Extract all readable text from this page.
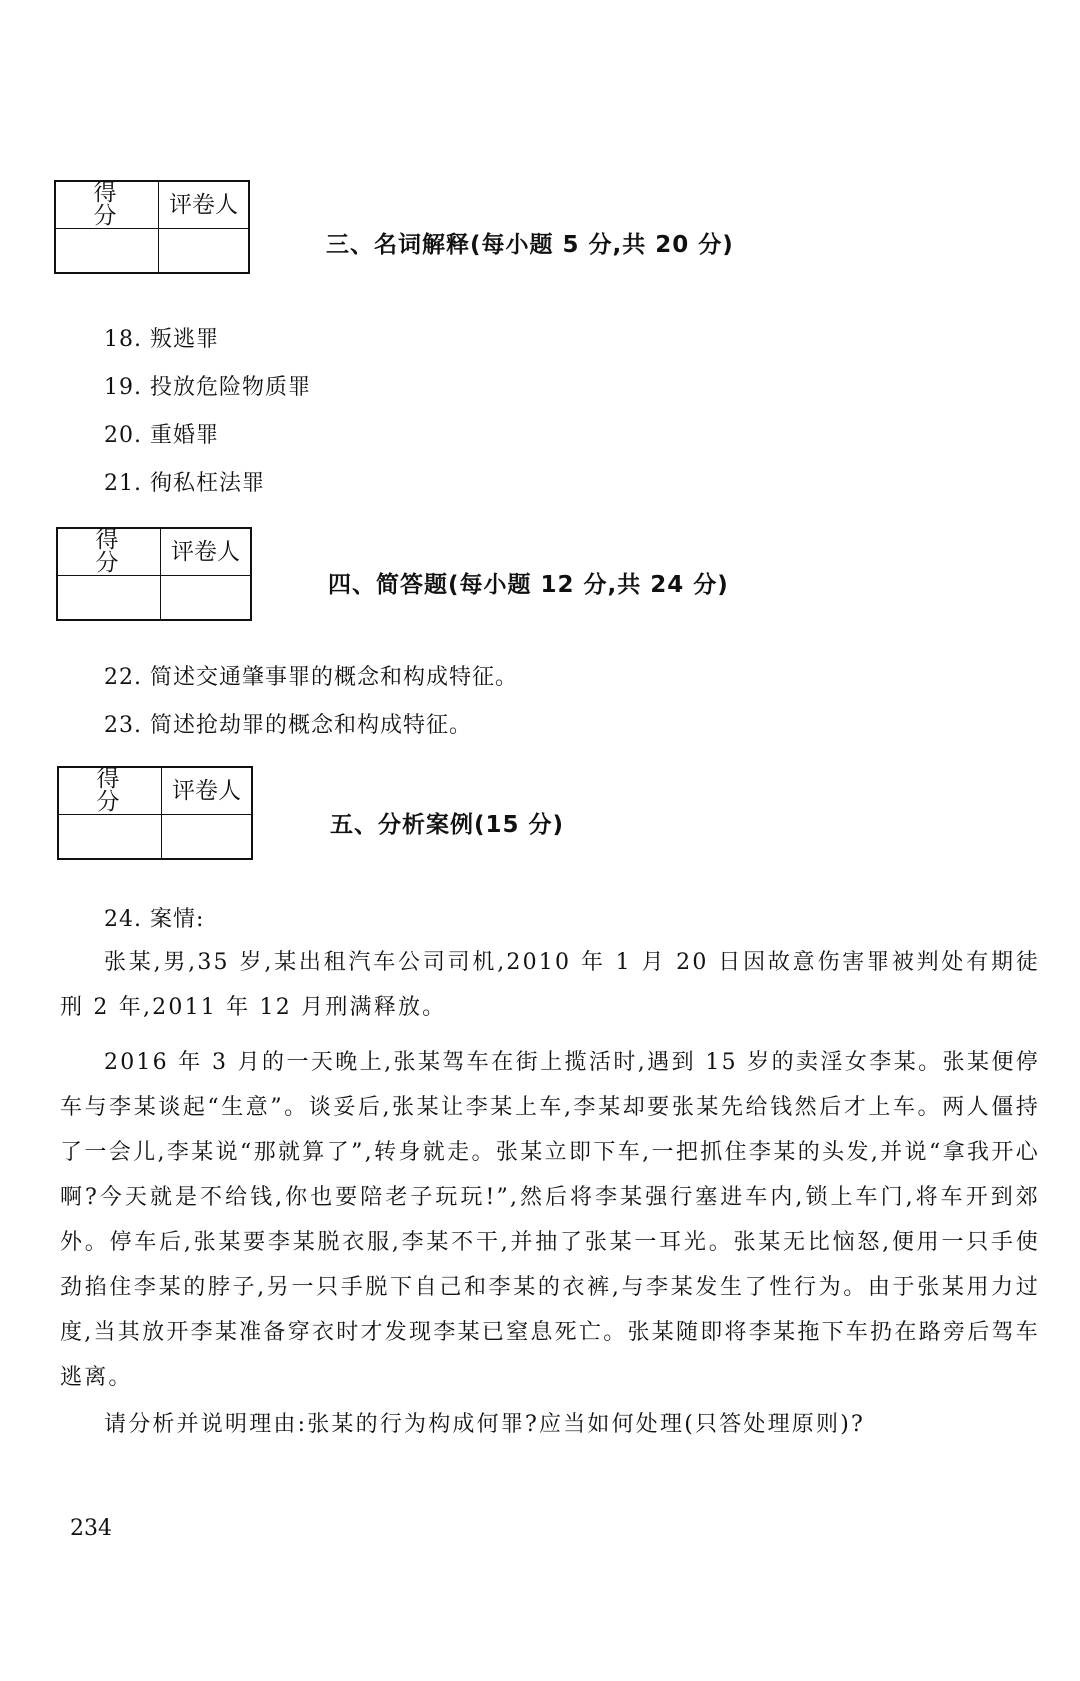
得 分	评卷人

三、名词解释(每小题 5 分,共 20 分)
18. 叛逃罪
19. 投放危险物质罪
20. 重婚罪
21. 徇私枉法罪
得 分	评卷人

四、简答题(每小题 12 分,共 24 分)
22. 简述交通肇事罪的概念和构成特征。
23. 简述抢劫罪的概念和构成特征。
得 分	评卷人

五、分析案例(15 分)
24. 案情:
张某,男,35 岁,某出租汽车公司司机,2010 年 1 月 20 日因故意伤害罪被判处有期徒刑 2 年,2011 年 12 月刑满释放。
2016 年 3 月的一天晚上,张某驾车在街上揽活时,遇到 15 岁的卖淫女李某。张某便停车与李某谈起“生意”。谈妥后,张某让李某上车,李某却要张某先给钱然后才上车。两人僵持了一会儿,李某说“那就算了”,转身就走。张某立即下车,一把抓住李某的头发,并说“拿我开心啊?今天就是不给钱,你也要陪老子玩玩!”,然后将李某强行塞进车内,锁上车门,将车开到郊外。停车后,张某要李某脱衣服,李某不干,并抽了张某一耳光。张某无比恼怒,便用一只手使劲掐住李某的脖子,另一只手脱下自己和李某的衣裤,与李某发生了性行为。由于张某用力过度,当其放开李某准备穿衣时才发现李某已窒息死亡。张某随即将李某拖下车扔在路旁后驾车逃离。
请分析并说明理由:张某的行为构成何罪?应当如何处理(只答处理原则)?
234
